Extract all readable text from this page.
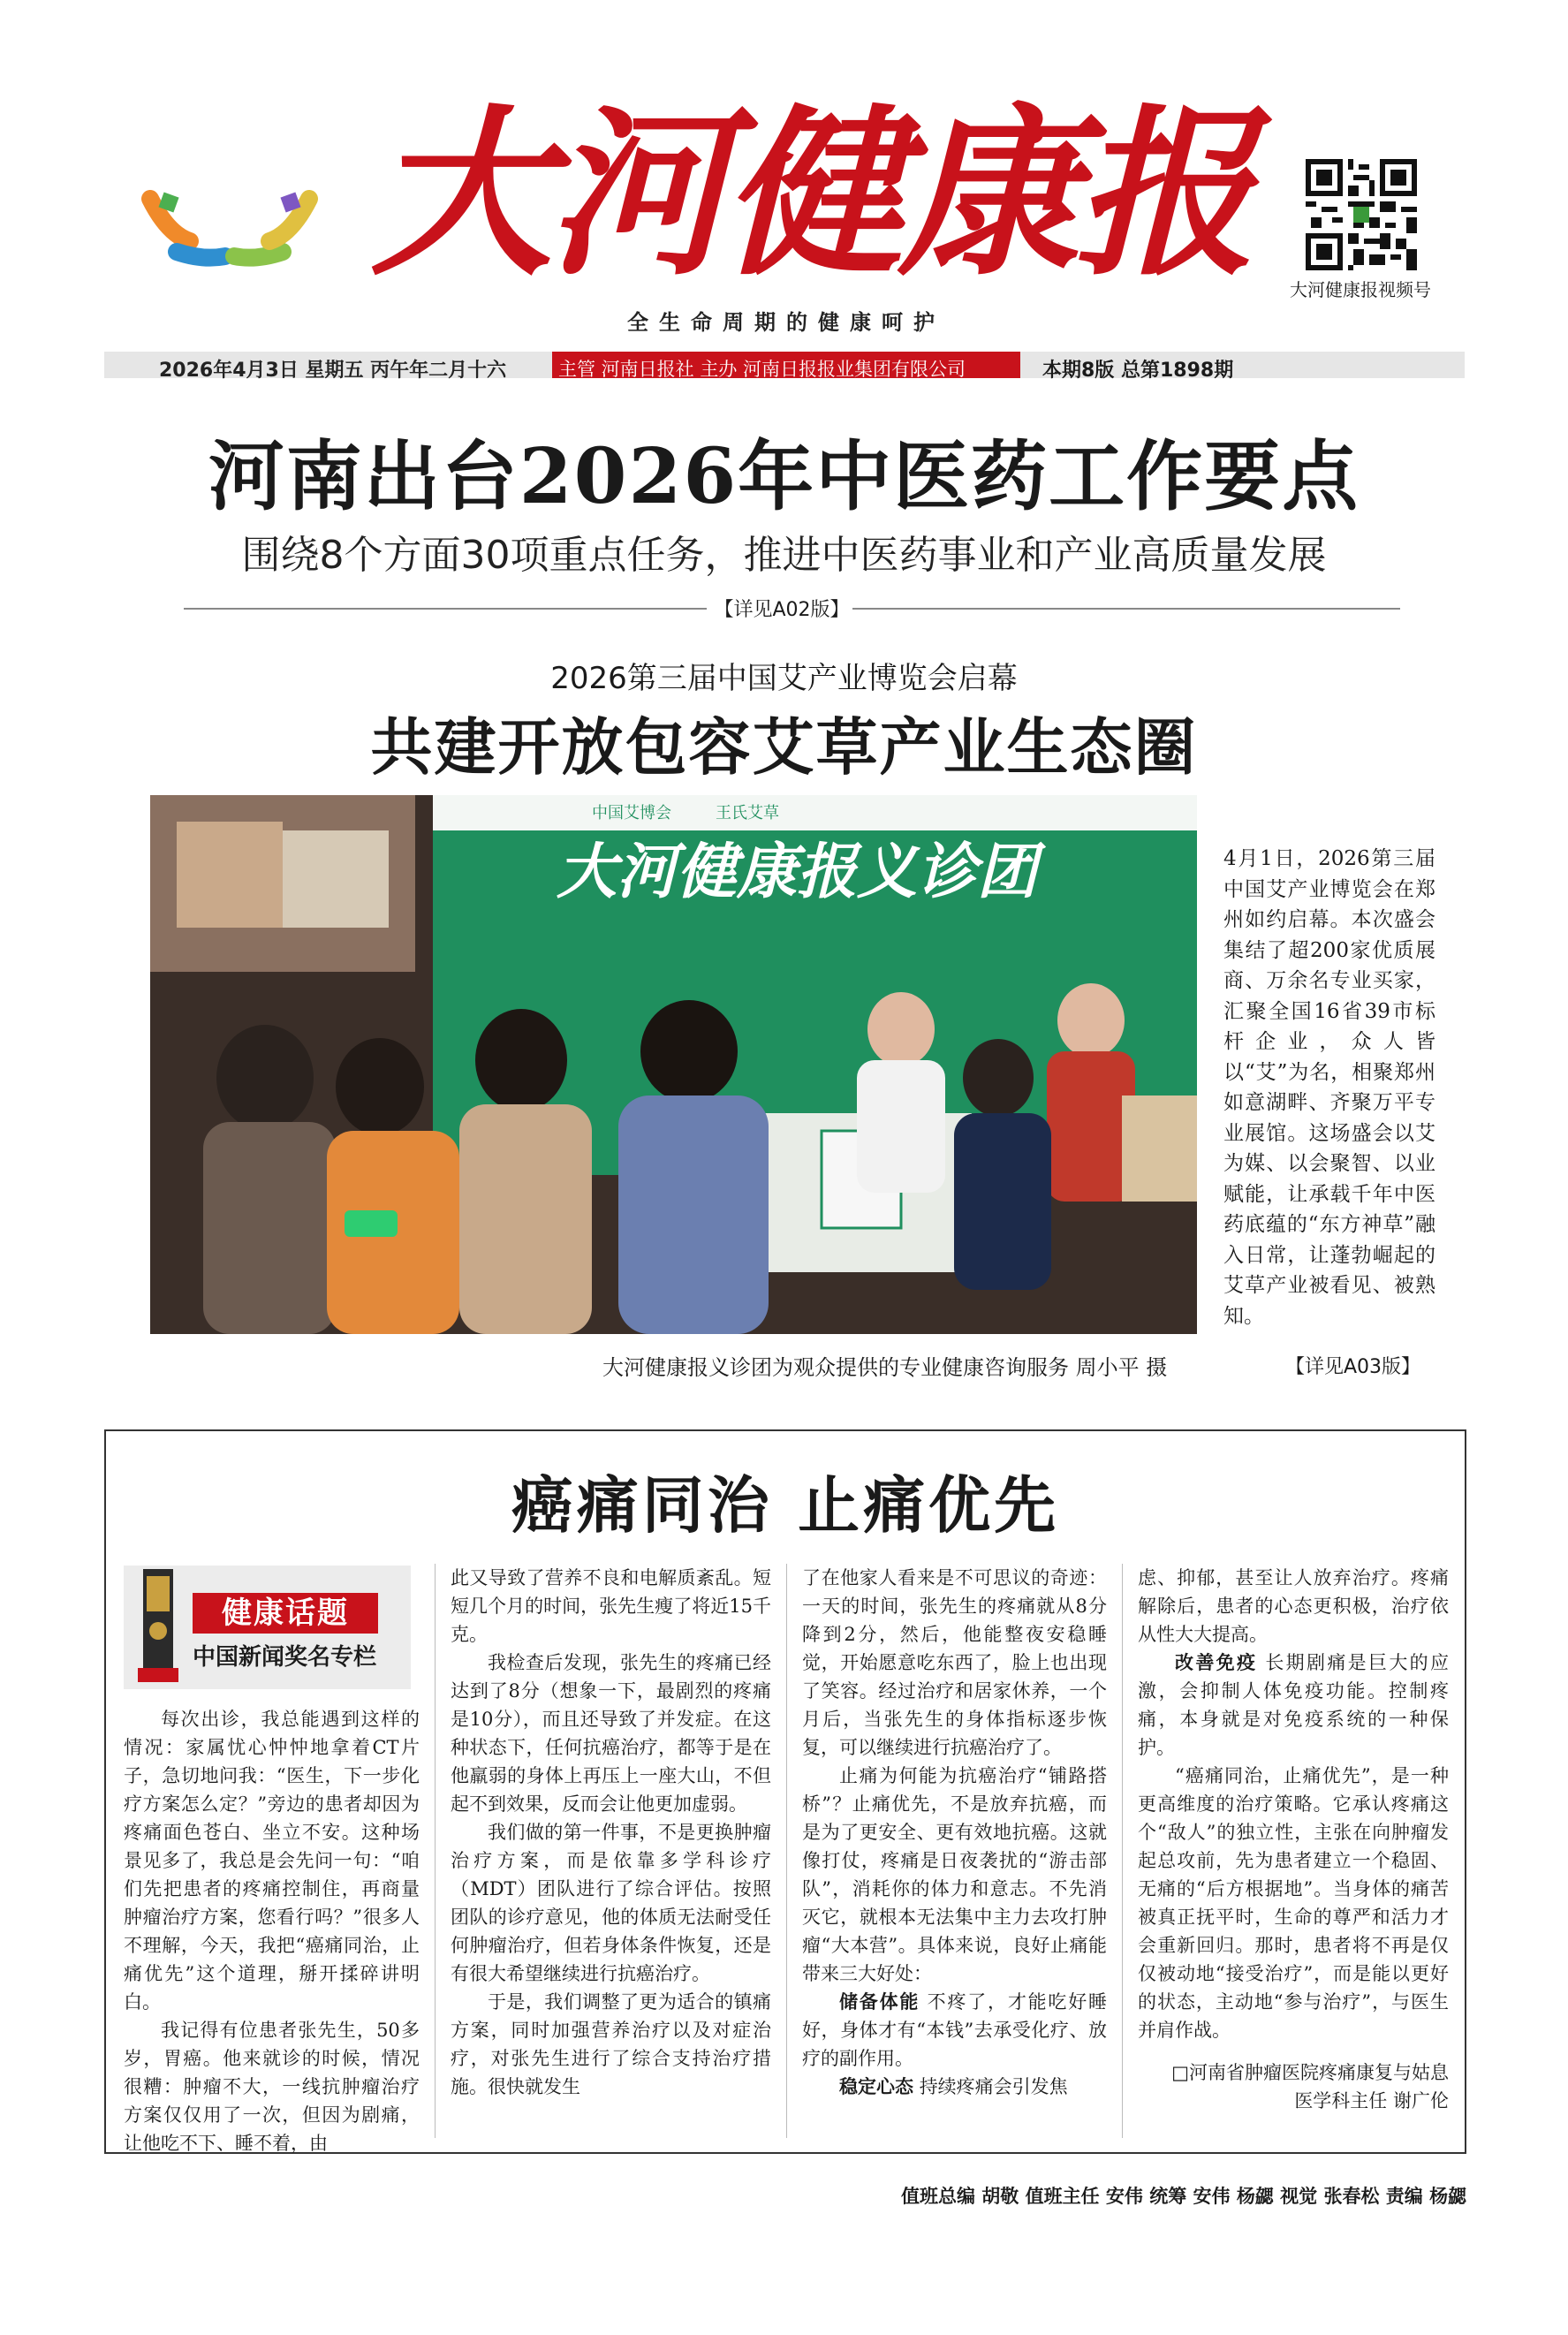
大河健康报
全生命周期的健康呵护
大河健康报视频号
2026年4月3日 星期五 丙午年二月十六	主管 河南日报社 主办 河南日报报业集团有限公司	本期8版 总第1898期
河南出台2026年中医药工作要点
围绕8个方面30项重点任务，推进中医药事业和产业高质量发展
【详见A02版】
2026第三届中国艾产业博览会启幕
共建开放包容艾草产业生态圈
中国艾博会	王氏艾草
大河健康报义诊团
大河健康报义诊团为观众提供的专业健康咨询服务 周小平 摄
4月1日，2026第三届中国艾产业博览会在郑州如约启幕。本次盛会集结了超200家优质展商、万余名专业买家，汇聚全国16省39市标杆企业，众人皆以“艾”为名，相聚郑州如意湖畔、齐聚万平专业展馆。这场盛会以艾为媒、以会聚智、以业赋能，让承载千年中医药底蕴的“东方神草”融入日常，让蓬勃崛起的艾草产业被看见、被熟知。
【详见A03版】
癌痛同治 止痛优先
健康话题
中国新闻奖名专栏

每次出诊，我总能遇到这样的情况：家属忧心忡忡地拿着CT片子，急切地问我：“医生，下一步化疗方案怎么定？”旁边的患者却因为疼痛面色苍白、坐立不安。这种场景见多了，我总是会先问一句：“咱们先把患者的疼痛控制住，再商量肿瘤治疗方案，您看行吗？”很多人不理解，今天，我把“癌痛同治，止痛优先”这个道理，掰开揉碎讲明白。

我记得有位患者张先生，50多岁，胃癌。他来就诊的时候，情况很糟：肿瘤不大，一线抗肿瘤治疗方案仅仅用了一次，但因为剧痛，让他吃不下、睡不着，由

此又导致了营养不良和电解质紊乱。短短几个月的时间，张先生瘦了将近15千克。

我检查后发现，张先生的疼痛已经达到了8分（想象一下，最剧烈的疼痛是10分），而且还导致了并发症。在这种状态下，任何抗癌治疗，都等于是在他羸弱的身体上再压上一座大山，不但起不到效果，反而会让他更加虚弱。

我们做的第一件事，不是更换肿瘤治疗方案，而是依靠多学科诊疗（MDT）团队进行了综合评估。按照团队的诊疗意见，他的体质无法耐受任何肿瘤治疗，但若身体条件恢复，还是有很大希望继续进行抗癌治疗。

于是，我们调整了更为适合的镇痛方案，同时加强营养治疗以及对症治疗，对张先生进行了综合支持治疗措施。很快就发生

了在他家人看来是不可思议的奇迹：一天的时间，张先生的疼痛就从8分降到2分，然后，他能整夜安稳睡觉，开始愿意吃东西了，脸上也出现了笑容。经过治疗和居家休养，一个月后，当张先生的身体指标逐步恢复，可以继续进行抗癌治疗了。

止痛为何能为抗癌治疗“铺路搭桥”？止痛优先，不是放弃抗癌，而是为了更安全、更有效地抗癌。这就像打仗，疼痛是日夜袭扰的“游击部队”，消耗你的体力和意志。不先消灭它，就根本无法集中主力去攻打肿瘤“大本营”。具体来说，良好止痛能带来三大好处：

储备体能 不疼了，才能吃好睡好，身体才有“本钱”去承受化疗、放疗的副作用。

稳定心态 持续疼痛会引发焦

虑、抑郁，甚至让人放弃治疗。疼痛解除后，患者的心态更积极，治疗依从性大大提高。

改善免疫 长期剧痛是巨大的应激，会抑制人体免疫功能。控制疼痛，本身就是对免疫系统的一种保护。

“癌痛同治，止痛优先”，是一种更高维度的治疗策略。它承认疼痛这个“敌人”的独立性，主张在向肿瘤发起总攻前，先为患者建立一个稳固、无痛的“后方根据地”。当身体的痛苦被真正抚平时，生命的尊严和活力才会重新回归。那时，患者将不再是仅仅被动地“接受治疗”，而是能以更好的状态，主动地“参与治疗”，与医生并肩作战。

□河南省肿瘤医院疼痛康复与姑息

医学科主任 谢广伦

值班总编 胡敬 值班主任 安伟 统筹 安伟 杨勰 视觉 张春松 责编 杨勰
